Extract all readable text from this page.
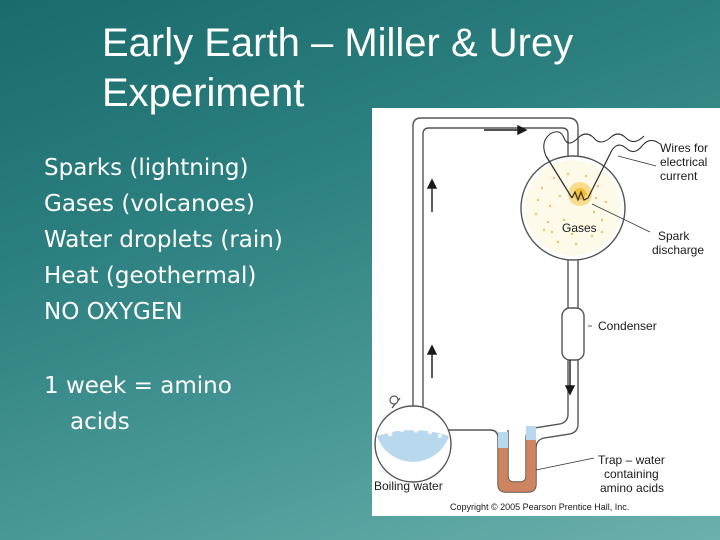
Early Earth – Miller & Urey
Experiment
Sparks (lightning)
Gases (volcanoes)
Water droplets (rain)
Heat (geothermal)
NO OXYGEN
1 week = amino
acids
Wires for
electrical
current
Gases
Spark
discharge
Condenser
Trap – water
containing
amino acids
Boiling water
Copyright © 2005 Pearson Prentice Hall, Inc.
